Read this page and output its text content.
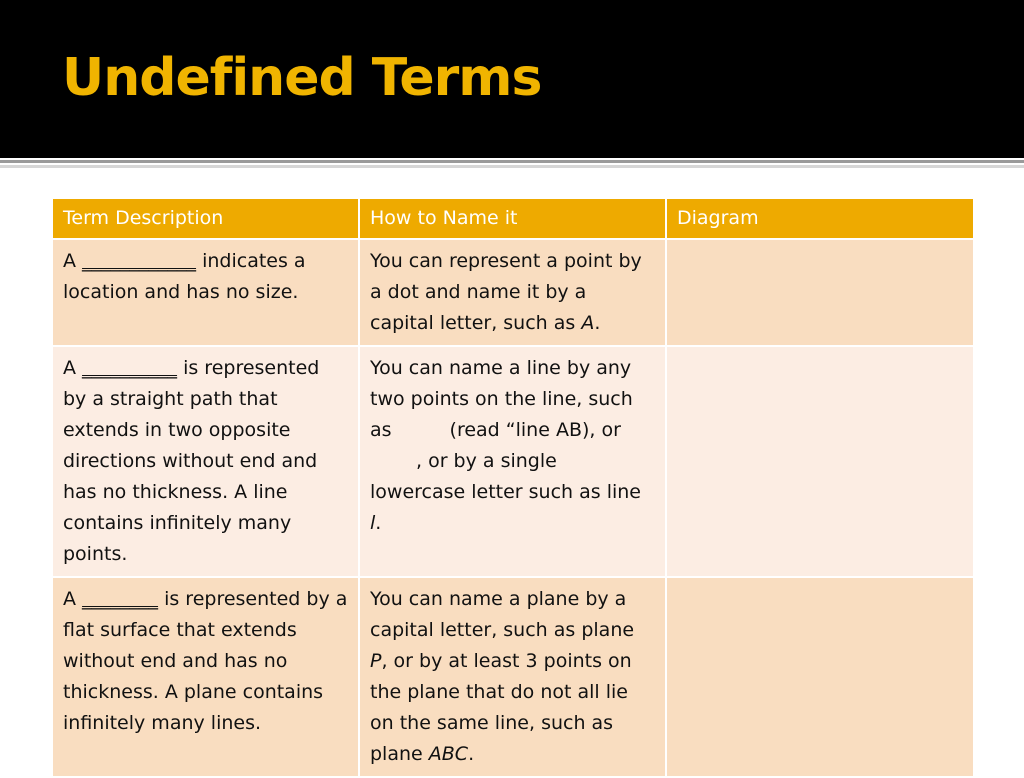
Undefined Terms
Term Description	How to Name it	Diagram
A ____________ indicates a location and has no size.	You can represent a point by a dot and name it by a capital letter, such as A.	
A __________ is represented by a straight path that extends in two opposite directions without end and has no thickness. A line contains infinitely many points.	You can name a line by any two points on the line, such as (read “line AB), or, or by a single lowercase letter such as line l.	
A ________ is represented by a flat surface that extends without end and has no thickness. A plane contains infinitely many lines.	You can name a plane by a capital letter, such as plane P, or by at least 3 points on the plane that do not all lie on the same line, such as plane ABC.	
